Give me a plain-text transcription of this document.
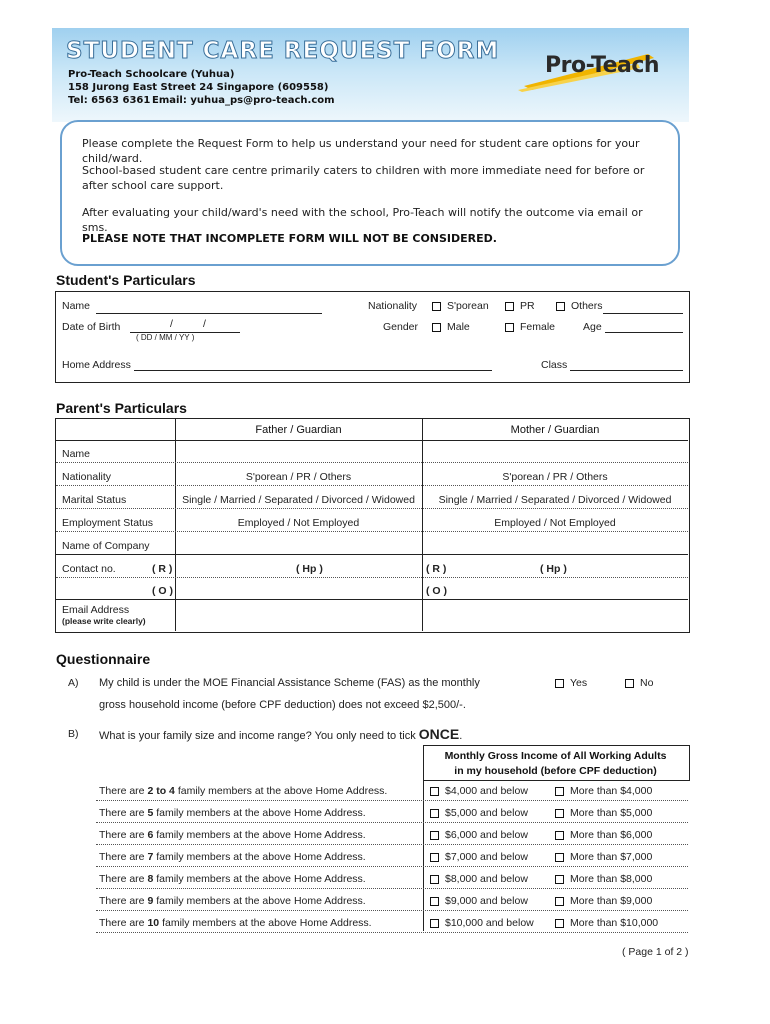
STUDENT CARE REQUEST FORM
Pro-Teach Schoolcare (Yuhua)
158 Jurong East Street 24 Singapore (609558)
Tel: 6563 6361 Email: yuhua_ps@pro-teach.com
Pro-Teach
Please complete the Request Form to help us understand your need for student care options for your child/ward.
School-based student care centre primarily caters to children with more immediate need for before or after school care support.
After evaluating your child/ward's need with the school, Pro-Teach will notify the outcome via email or sms.
PLEASE NOTE THAT INCOMPLETE FORM WILL NOT BE CONSIDERED.
Student's Particulars
Name	Nationality	S'porean	PR	Others
Date of Birth	/	/
( DD / MM / YY )
Gender	Male	Female	Age
Home Address	Class
Parent's Particulars
Father / Guardian	Mother / Guardian
Name
Nationality	S'porean / PR / Others	S'porean / PR / Others
Marital Status	Single / Married / Separated / Divorced / Widowed	Single / Married / Separated / Divorced / Widowed
Employment Status	Employed / Not Employed	Employed / Not Employed
Name of Company
Contact no.	( R )	( Hp )	( R )	( Hp )
( O )	( O )
Email Address
(please write clearly)
Questionnaire
A) My child is under the MOE Financial Assistance Scheme (FAS) as the monthly
gross household income (before CPF deduction) does not exceed $2,500/-.
Yes	No
B) What is your family size and income range? You only need to tick ONCE.
Monthly Gross Income of All Working Adults
in my household (before CPF deduction)
There are 2 to 4 family members at the above Home Address.	$4,000 and below	More than $4,000
There are 5 family members at the above Home Address.	$5,000 and below	More than $5,000
There are 6 family members at the above Home Address.	$6,000 and below	More than $6,000
There are 7 family members at the above Home Address.	$7,000 and below	More than $7,000
There are 8 family members at the above Home Address.	$8,000 and below	More than $8,000
There are 9 family members at the above Home Address.	$9,000 and below	More than $9,000
There are 10 family members at the above Home Address.	$10,000 and below	More than $10,000
( Page 1 of 2 )
